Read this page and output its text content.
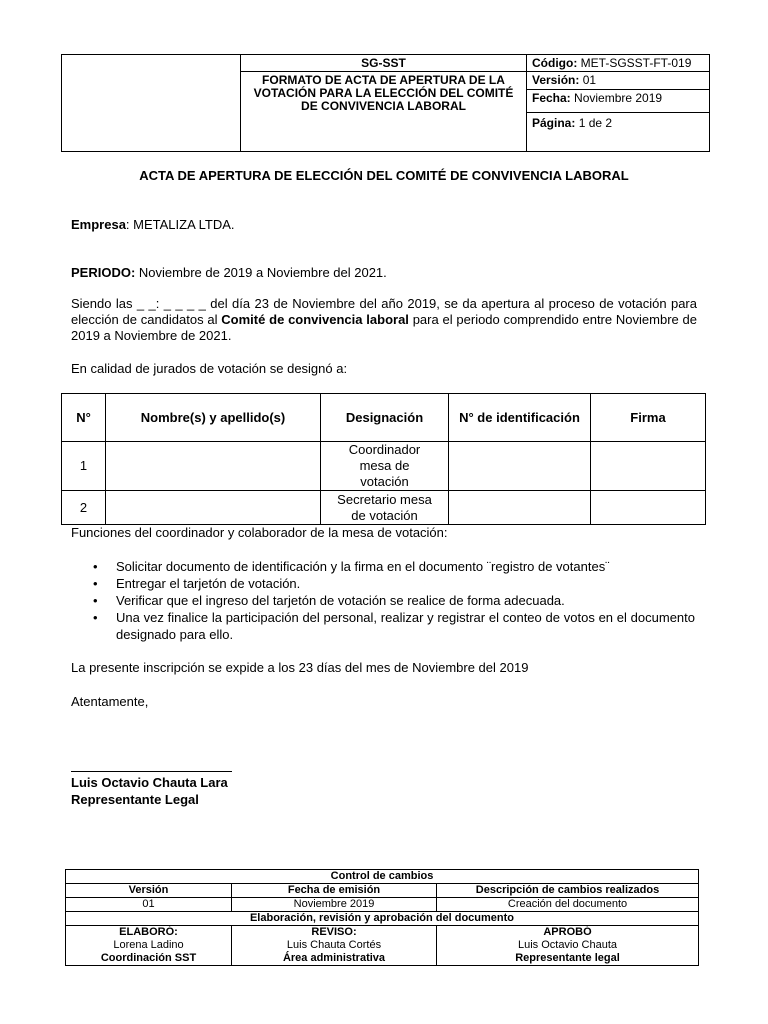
	SG-SST	Código: MET-SGSST-FT-019
	FORMATO DE ACTA DE APERTURA DE LA VOTACIÓN PARA LA ELECCIÓN DEL COMITÉ DE CONVIVENCIA LABORAL	Versión: 01
		Fecha: Noviembre 2019
		Página: 1 de 2
ACTA DE APERTURA DE ELECCIÓN DEL COMITÉ DE CONVIVENCIA LABORAL
Empresa: METALIZA LTDA.
PERIODO: Noviembre de 2019 a Noviembre del 2021.
Siendo las _ _: _ _ _ _ del día 23 de Noviembre del año 2019, se da apertura al proceso de votación para elección de candidatos al Comité de convivencia laboral para el periodo comprendido entre Noviembre de 2019 a Noviembre de 2021.
En calidad de jurados de votación se designó a:
N°	Nombre(s) y apellido(s)	Designación	N° de identificación	Firma
1		Coordinador mesa de votación		
2		Secretario mesa de votación		
Funciones del coordinador y colaborador de la mesa de votación:
• Solicitar documento de identificación y la firma en el documento ¨registro de votantes¨
• Entregar el tarjetón de votación.
• Verificar que el ingreso del tarjetón de votación se realice de forma adecuada.
• Una vez finalice la participación del personal, realizar y registrar el conteo de votos en el documento designado para ello.
La presente inscripción se expide a los 23 días del mes de Noviembre del 2019
Atentamente,
Luis Octavio Chauta Lara
Representante Legal
Control de cambios		
Versión	Fecha de emisión	Descripción de cambios realizados
01	Noviembre 2019	Creación del documento
Elaboración, revisión y aprobación del documento		
ELABORÓ:	REVISO:	APROBÓ
Lorena Ladino	Luis Chauta Cortés	Luis Octavio Chauta
Coordinación SST	Área administrativa	Representante legal
